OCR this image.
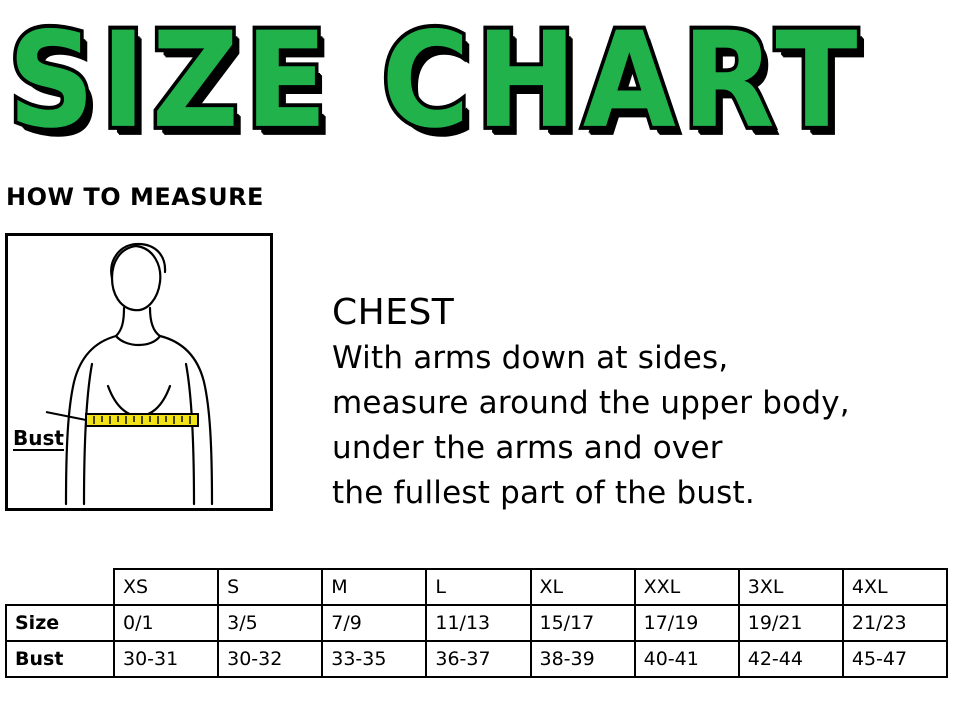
SIZE CHART
HOW TO MEASURE
Bust
CHEST
With arms down at sides,
measure around the upper body,
under the arms and over
the fullest part of the bust.
	XS	S	M	L	XL	XXL	3XL	4XL
Size	0/1	3/5	7/9	11/13	15/17	17/19	19/21	21/23
Bust	30-31	30-32	33-35	36-37	38-39	40-41	42-44	45-47
